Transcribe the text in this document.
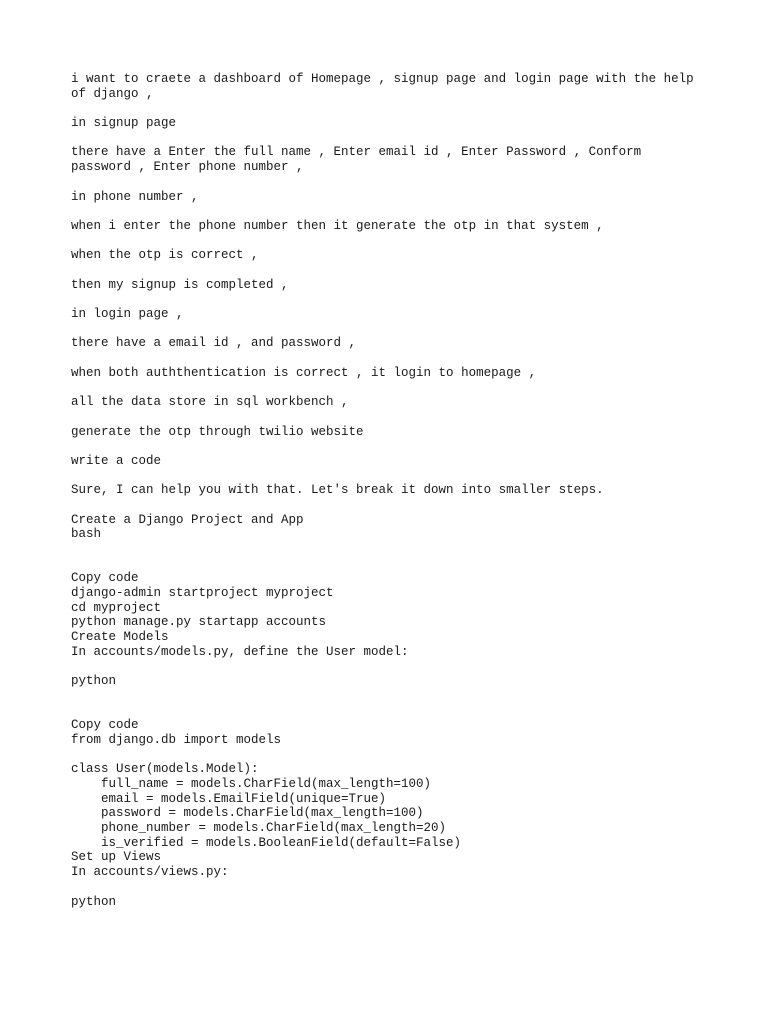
i want to craete a dashboard of Homepage , signup page and login page with the help
of django ,
in signup page
there have a Enter the full name , Enter email id , Enter Password , Conform
password , Enter phone number ,
in phone number ,
when i enter the phone number then it generate the otp in that system ,
when the otp is correct ,
then my signup is completed ,
in login page ,
there have a email id , and password ,
when both auththentication is correct , it login to homepage ,
all the data store in sql workbench ,
generate the otp through twilio website
write a code
Sure, I can help you with that. Let's break it down into smaller steps.
Create a Django Project and App
bash
Copy code
django-admin startproject myproject
cd myproject
python manage.py startapp accounts
Create Models
In accounts/models.py, define the User model:
python
Copy code
from django.db import models
class User(models.Model):
full_name = models.CharField(max_length=100)
email = models.EmailField(unique=True)
password = models.CharField(max_length=100)
phone_number = models.CharField(max_length=20)
is_verified = models.BooleanField(default=False)
Set up Views
In accounts/views.py:
python
